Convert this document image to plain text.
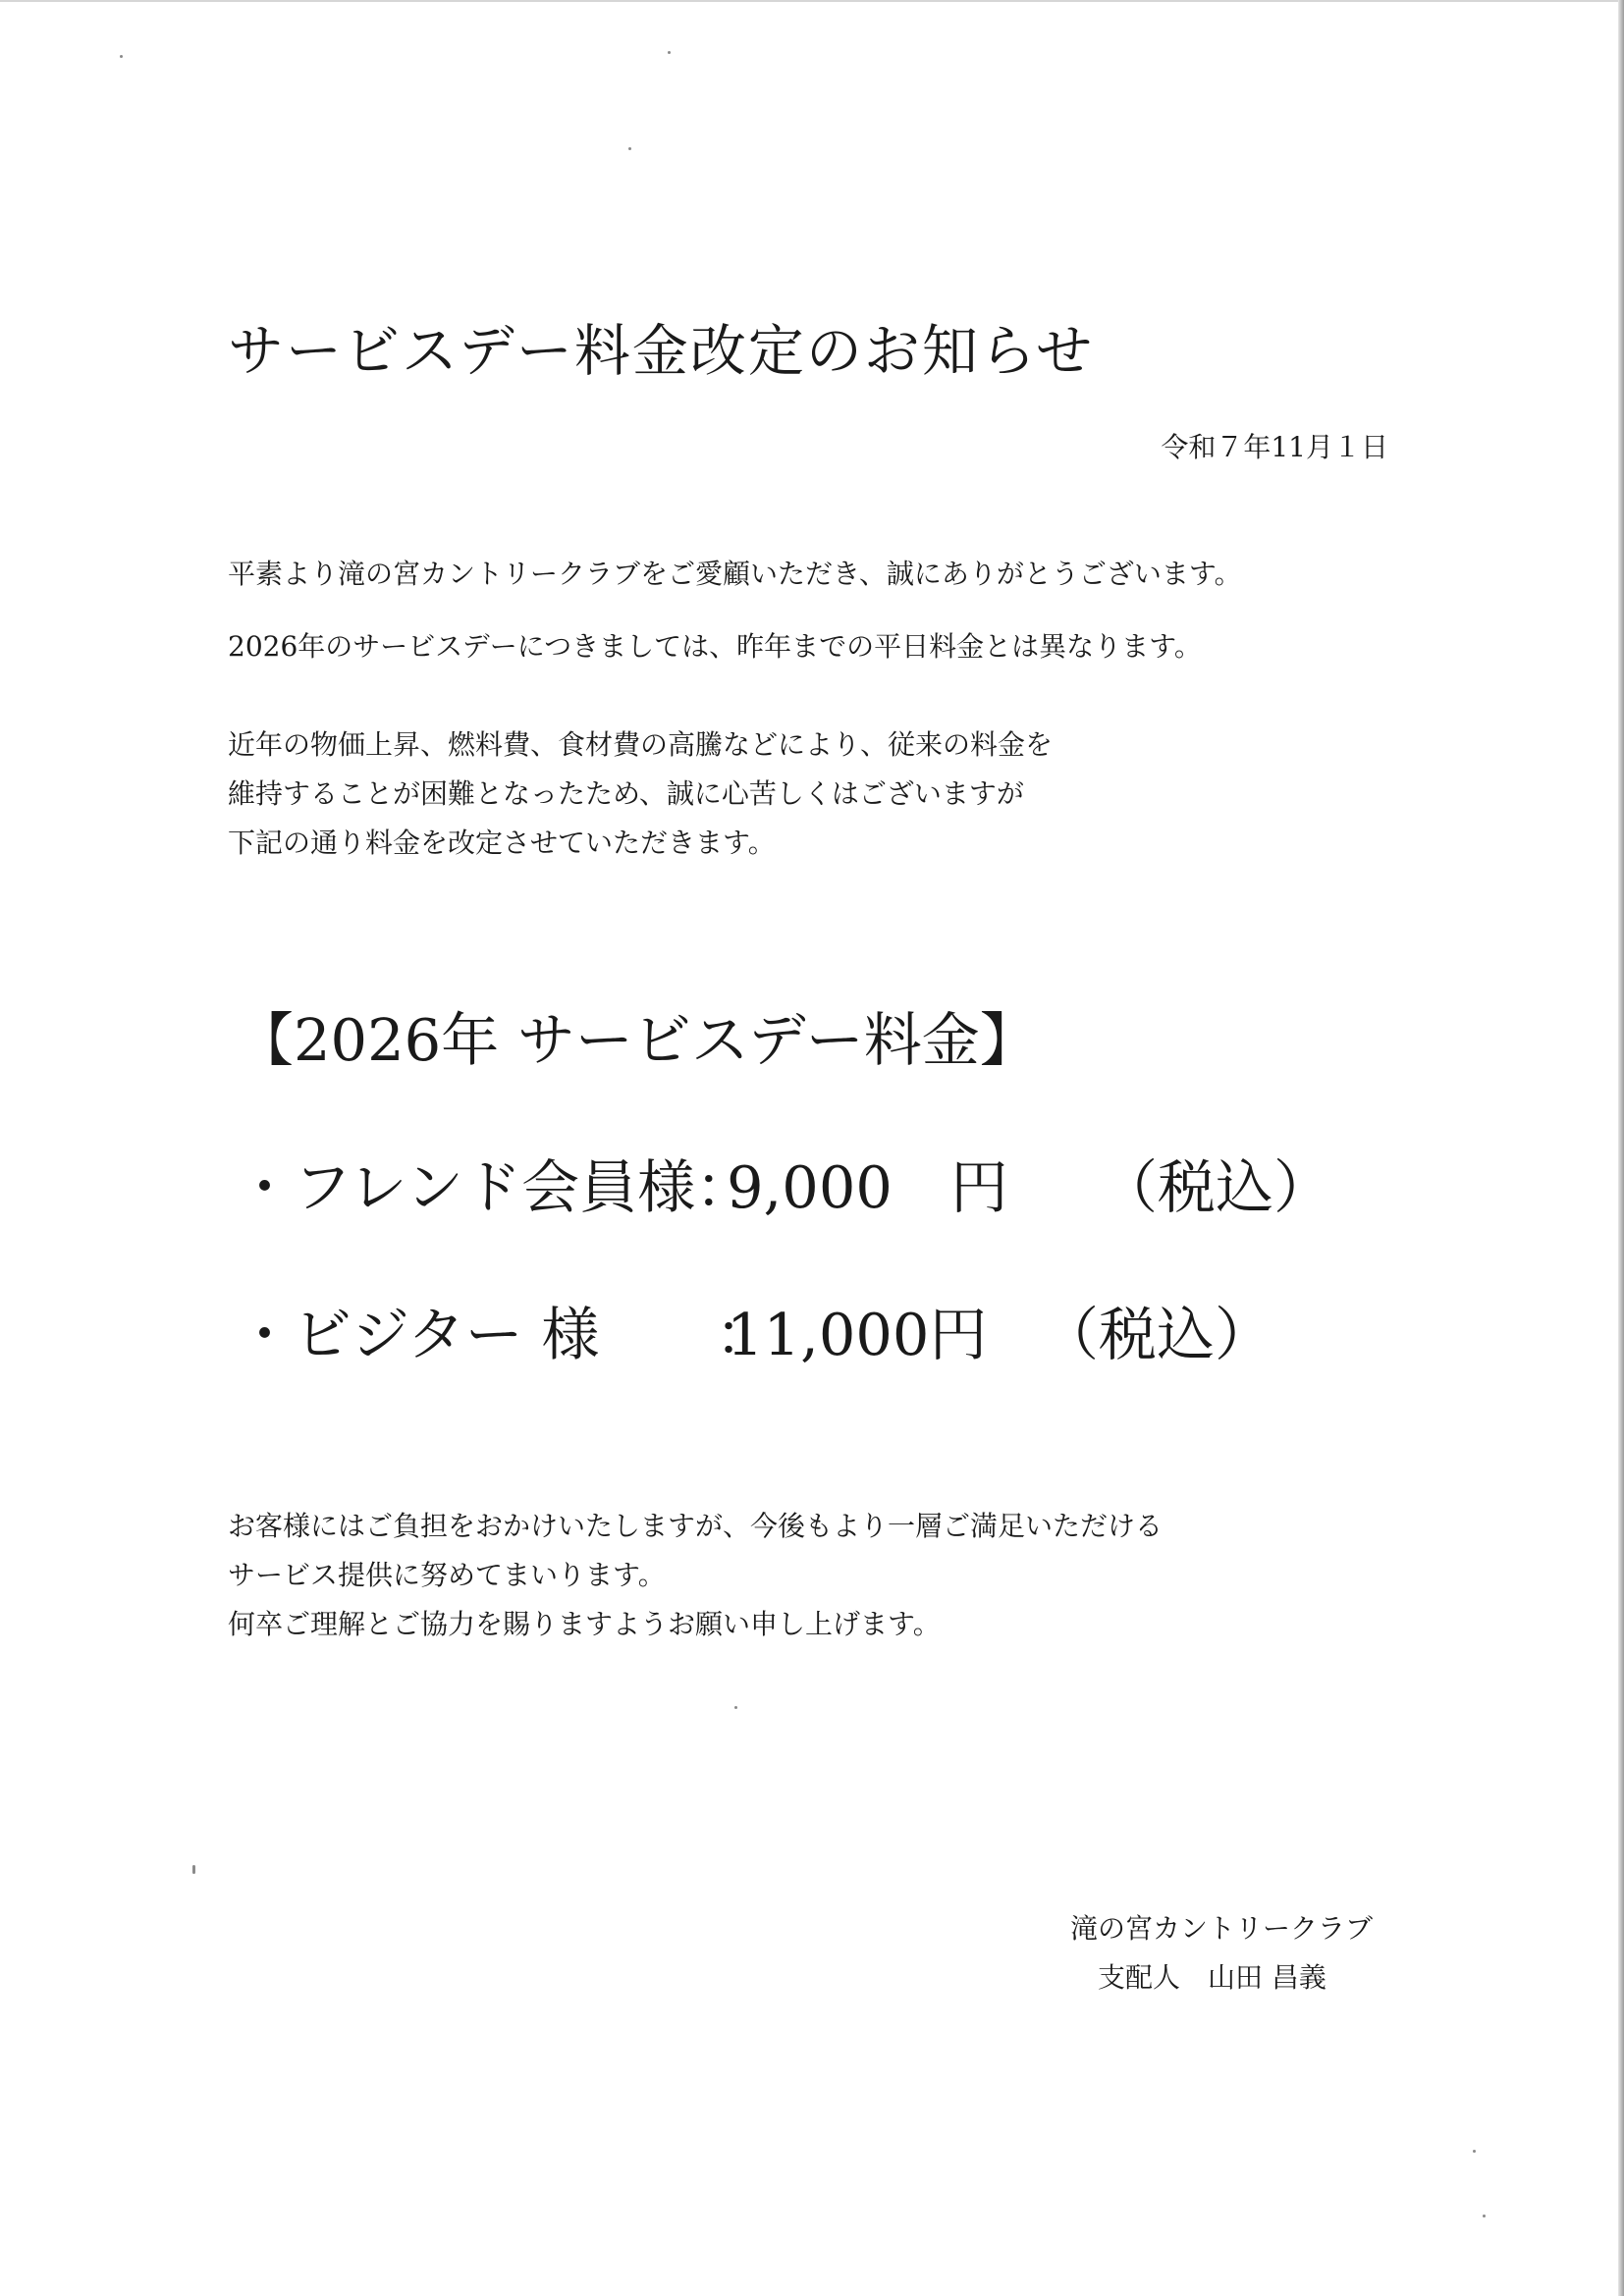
サービスデー料金改定のお知らせ
令和７年11月１日
平素より滝の宮カントリークラブをご愛顧いただき、誠にありがとうございます。
2026年のサービスデーにつきましては、昨年までの平日料金とは異なります。
近年の物価上昇、燃料費、食材費の高騰などにより、従来の料金を
維持することが困難となったため、誠に心苦しくはございますが
下記の通り料金を改定させていただきます。
【2026年 サービスデー料金】
・フレンド会員様：9,000　円 （税込）
・ビジター 様　　：11,000円 （税込）
お客様にはご負担をおかけいたしますが、今後もより一層ご満足いただける
サービス提供に努めてまいります。
何卒ご理解とご協力を賜りますようお願い申し上げます。
滝の宮カントリークラブ
支配人　山田 昌義
